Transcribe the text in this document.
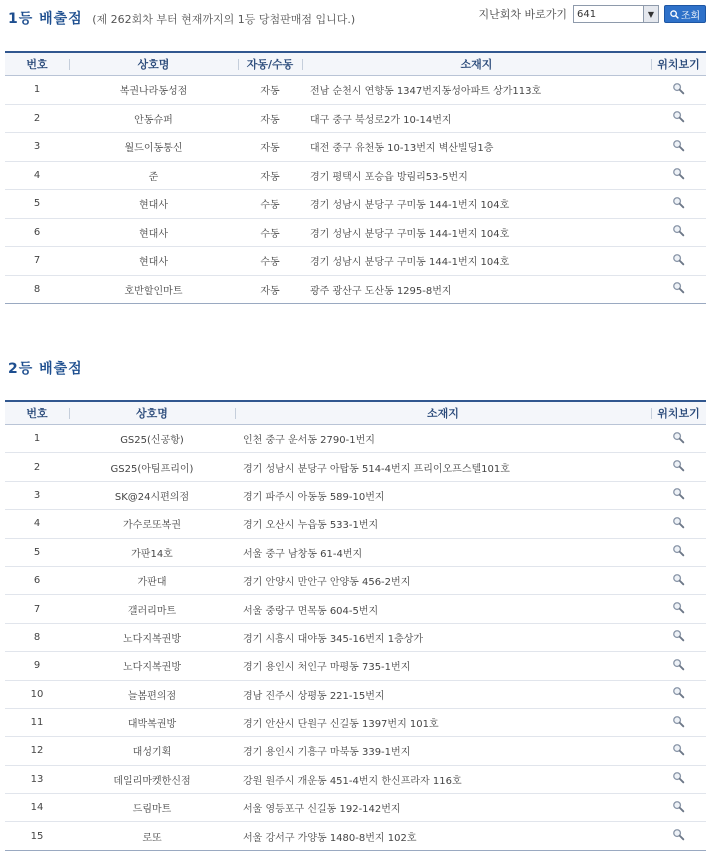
1등 배출점 (제 262회차 부터 현재까지의 1등 당첨판매점 입니다.)	지난회차 바로가기 641	▼	조회
번호	상호명	자동/수동	소재지	위치보기
1	복권나라동성점	자동	전남 순천시 연향동 1347번지동성아파트 상가113호
2	안동슈퍼	자동	대구 중구 북성로2가 10-14번지
3	월드이동통신	자동	대전 중구 유천동 10-13번지 벽산빌딩1층
4	준	자동	경기 평택시 포승읍 방림리53-5번지
5	현대사	수동	경기 성남시 분당구 구미동 144-1번지 104호
6	현대사	수동	경기 성남시 분당구 구미동 144-1번지 104호
7	현대사	수동	경기 성남시 분당구 구미동 144-1번지 104호
8	호반할인마트	자동	광주 광산구 도산동 1295-8번지
2등 배출점
번호	상호명	소재지	위치보기
1	GS25(신공항)	인천 중구 운서동 2790-1번지
2	GS25(아팀프리이)	경기 성남시 분당구 아탑동 514-4번지 프리이오프스텔101호
3	SK@24시편의점	경기 파주시 아동동 589-10번지
4	가수로또복권	경기 오산시 누읍동 533-1번지
5	가판14호	서울 중구 남창동 61-4번지
6	가판대	경기 안양시 만안구 안양동 456-2번지
7	갤러리마트	서울 중랑구 면목동 604-5번지
8	노다지복권방	경기 시흥시 대야동 345-16번지 1층상가
9	노다지복권방	경기 용인시 처인구 마평동 735-1번지
10	늘봄편의점	경남 진주시 상평동 221-15번지
11	대박복권방	경기 안산시 단원구 신길동 1397번지 101호
12	대성기획	경기 용인시 기흥구 마북동 339-1번지
13	데일리마켓한신점	강원 원주시 개운동 451-4번지 한신프라자 116호
14	드림마트	서울 영등포구 신길동 192-142번지
15	로또	서울 강서구 가양동 1480-8번지 102호
